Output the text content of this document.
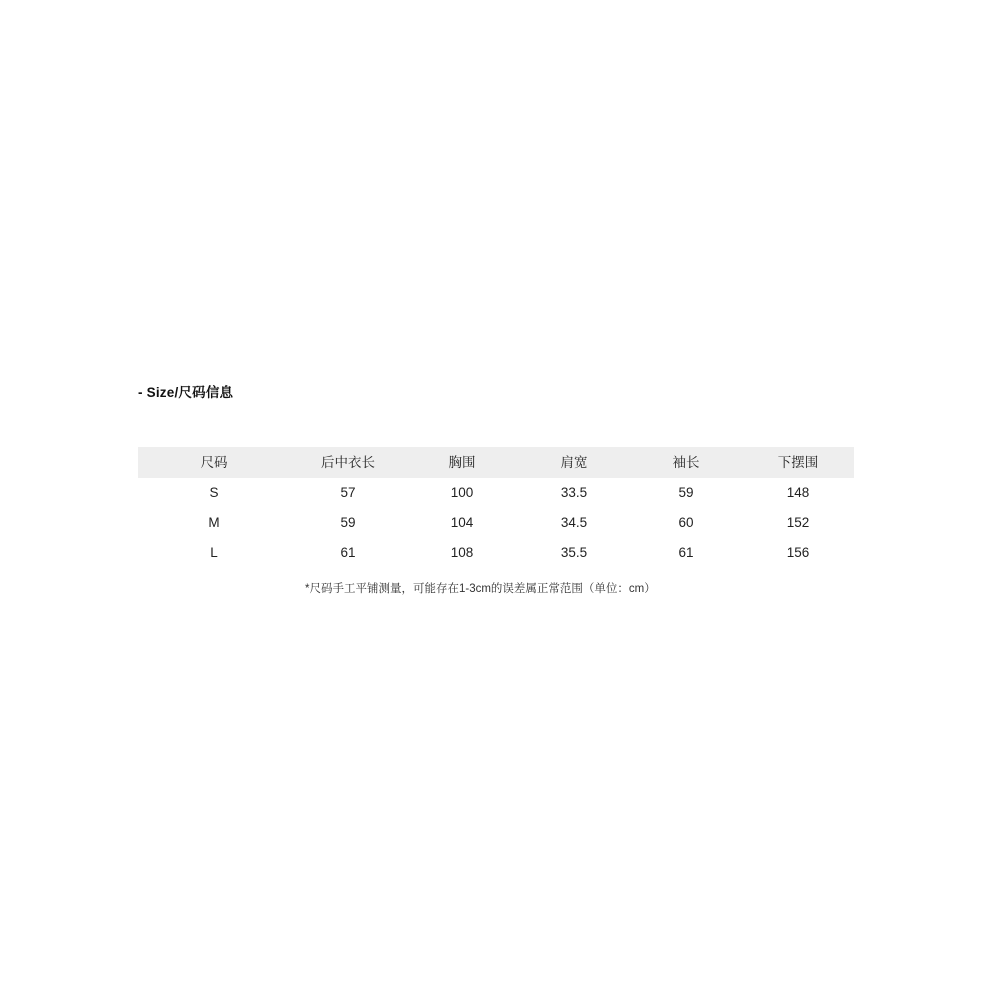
- Size/尺码信息
尺码	后中衣长	胸围	肩宽	袖长	下摆围
S	57	100	33.5	59	148
M	59	104	34.5	60	152
L	61	108	35.5	61	156
*尺码手工平铺测量，可能存在1-3cm的误差属正常范围（单位：cm）
